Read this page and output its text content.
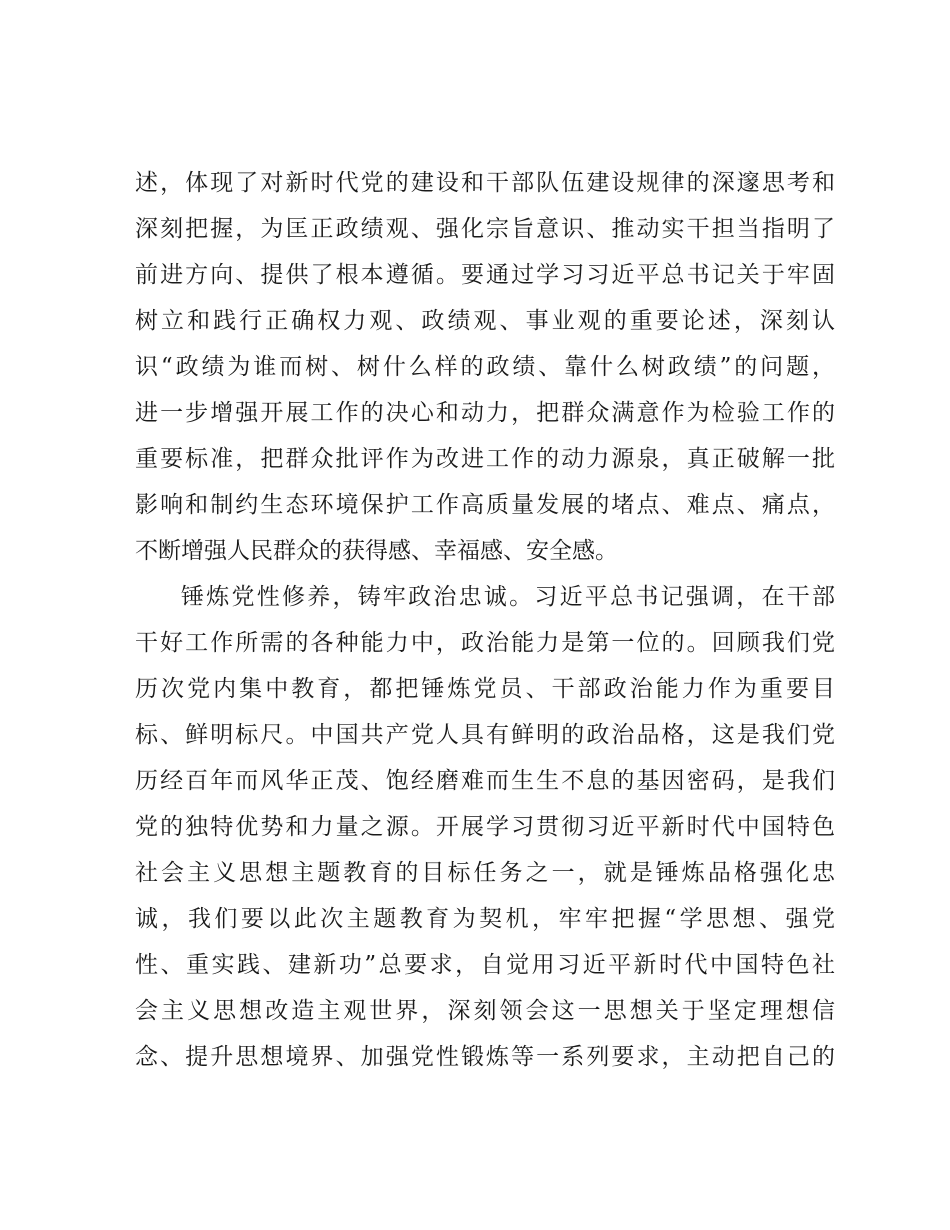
述，体现了对新时代党的建设和干部队伍建设规律的深邃思考和
深刻把握，为匡正政绩观、强化宗旨意识、推动实干担当指明了
前进方向、提供了根本遵循。要通过学习习近平总书记关于牢固
树立和践行正确权力观、政绩观、事业观的重要论述，深刻认
识“政绩为谁而树、树什么样的政绩、靠什么树政绩”的问题，
进一步增强开展工作的决心和动力，把群众满意作为检验工作的
重要标准，把群众批评作为改进工作的动力源泉，真正破解一批
影响和制约生态环境保护工作高质量发展的堵点、难点、痛点，
不断增强人民群众的获得感、幸福感、安全感。
锤炼党性修养，铸牢政治忠诚。习近平总书记强调，在干部
干好工作所需的各种能力中，政治能力是第一位的。回顾我们党
历次党内集中教育，都把锤炼党员、干部政治能力作为重要目
标、鲜明标尺。中国共产党人具有鲜明的政治品格，这是我们党
历经百年而风华正茂、饱经磨难而生生不息的基因密码，是我们
党的独特优势和力量之源。开展学习贯彻习近平新时代中国特色
社会主义思想主题教育的目标任务之一，就是锤炼品格强化忠
诚，我们要以此次主题教育为契机，牢牢把握“学思想、强党
性、重实践、建新功”总要求，自觉用习近平新时代中国特色社
会主义思想改造主观世界，深刻领会这一思想关于坚定理想信
念、提升思想境界、加强党性锻炼等一系列要求，主动把自己的
